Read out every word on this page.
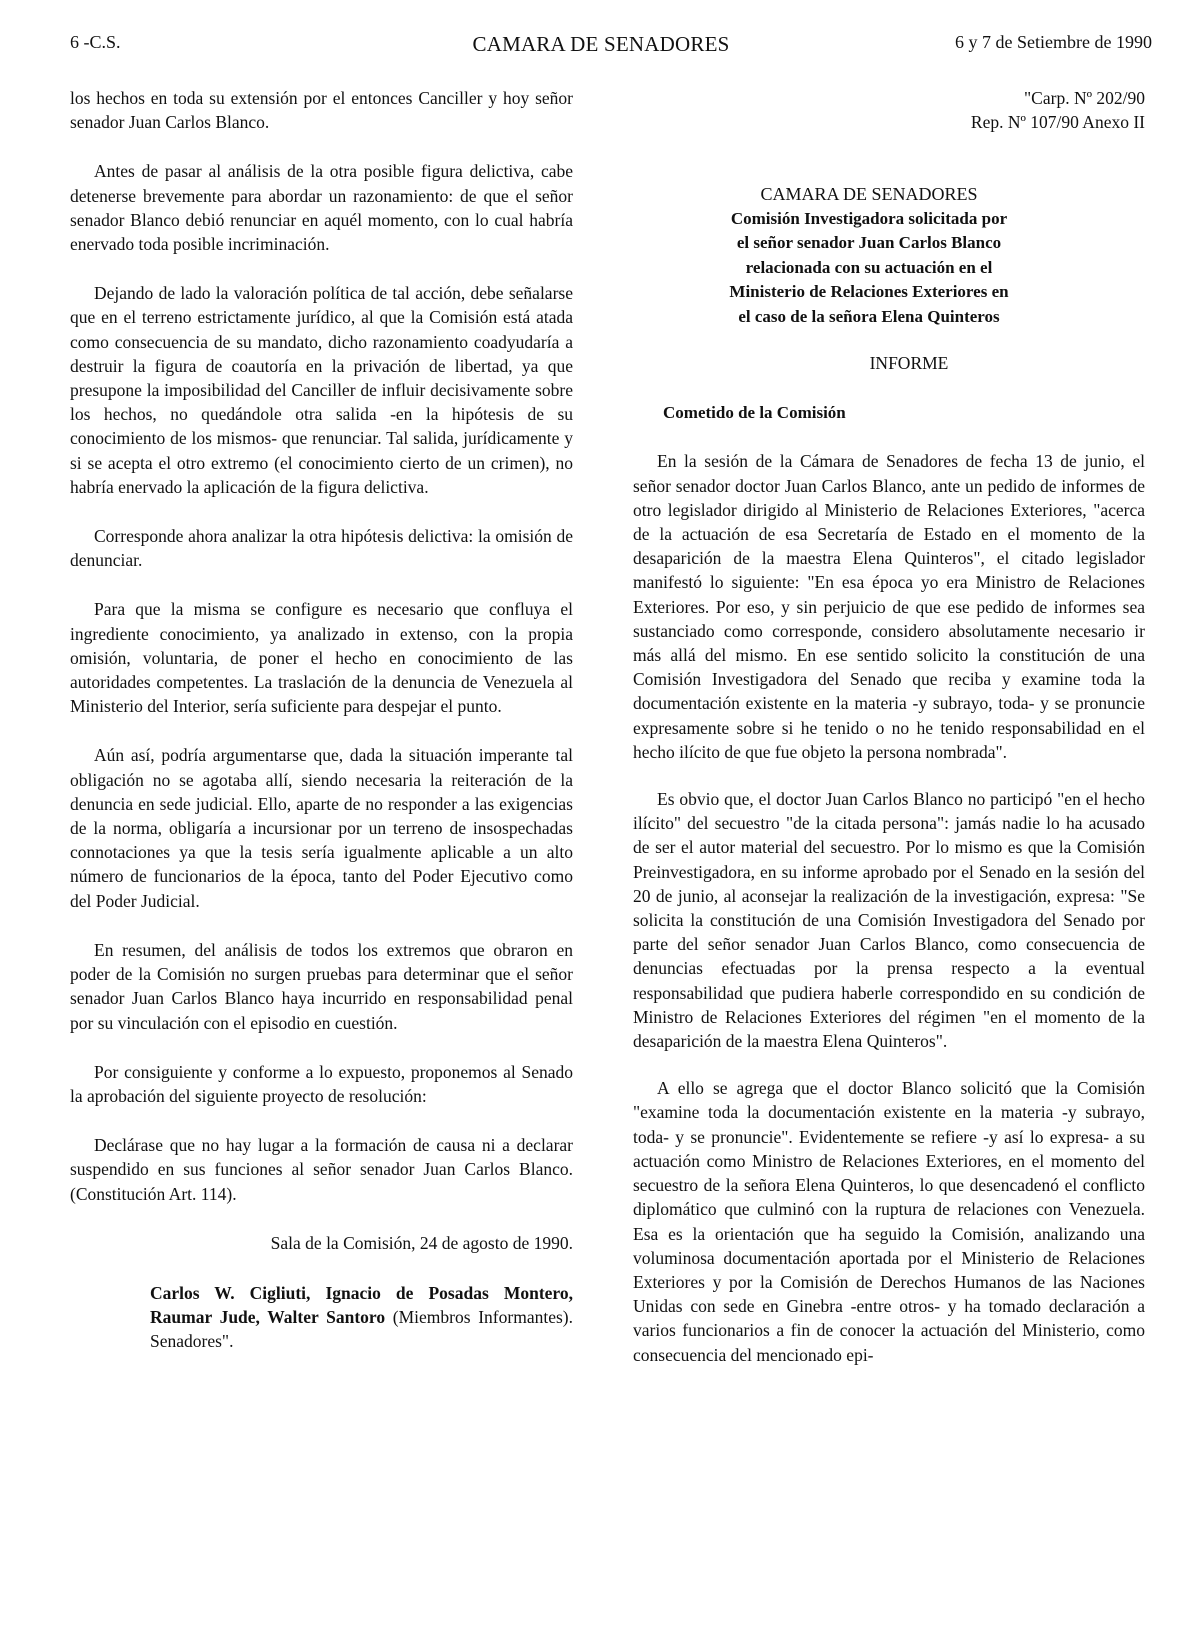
6 -C.S.	CAMARA DE SENADORES	6 y 7 de Setiembre de 1990

los hechos en toda su extensión por el entonces Canciller y hoy señor senador Juan Carlos Blanco.

Antes de pasar al análisis de la otra posible figura delictiva, cabe detenerse brevemente para abordar un razonamiento: de que el señor senador Blanco debió renunciar en aquél momento, con lo cual habría enervado toda posible incriminación.

Dejando de lado la valoración política de tal acción, debe señalarse que en el terreno estrictamente jurídico, al que la Comisión está atada como consecuencia de su mandato, dicho razonamiento coadyudaría a destruir la figura de coautoría en la privación de libertad, ya que presupone la imposibilidad del Canciller de influir decisivamente sobre los hechos, no quedándole otra salida -en la hipótesis de su conocimiento de los mismos- que renunciar. Tal salida, jurídicamente y si se acepta el otro extremo (el conocimiento cierto de un crimen), no habría enervado la aplicación de la figura delictiva.

Corresponde ahora analizar la otra hipótesis delictiva: la omisión de denunciar.

Para que la misma se configure es necesario que confluya el ingrediente conocimiento, ya analizado in extenso, con la propia omisión, voluntaria, de poner el hecho en conocimiento de las autoridades competentes. La traslación de la denuncia de Venezuela al Ministerio del Interior, sería suficiente para despejar el punto.

Aún así, podría argumentarse que, dada la situación imperante tal obligación no se agotaba allí, siendo necesaria la reiteración de la denuncia en sede judicial. Ello, aparte de no responder a las exigencias de la norma, obligaría a incursionar por un terreno de insospechadas connotaciones ya que la tesis sería igualmente aplicable a un alto número de funcionarios de la época, tanto del Poder Ejecutivo como del Poder Judicial.

En resumen, del análisis de todos los extremos que obraron en poder de la Comisión no surgen pruebas para determinar que el señor senador Juan Carlos Blanco haya incurrido en responsabilidad penal por su vinculación con el episodio en cuestión.

Por consiguiente y conforme a lo expuesto, proponemos al Senado la aprobación del siguiente proyecto de resolución:

Declárase que no hay lugar a la formación de causa ni a declarar suspendido en sus funciones al señor senador Juan Carlos Blanco. (Constitución Art. 114).

Sala de la Comisión, 24 de agosto de 1990.

Carlos W. Cigliuti, Ignacio de Posadas Montero, Raumar Jude, Walter Santoro (Miembros Informantes). Senadores".

"Carp. Nº 202/90
Rep. Nº 107/90 Anexo II
CAMARA DE SENADORES
Comisión Investigadora solicitada por
el señor senador Juan Carlos Blanco
relacionada con su actuación en el
Ministerio de Relaciones Exteriores en
el caso de la señora Elena Quinteros
INFORME
Cometido de la Comisión

En la sesión de la Cámara de Senadores de fecha 13 de junio, el señor senador doctor Juan Carlos Blanco, ante un pedido de informes de otro legislador dirigido al Ministerio de Relaciones Exteriores, "acerca de la actuación de esa Secretaría de Estado en el momento de la desaparición de la maestra Elena Quinteros", el citado legislador manifestó lo siguiente: "En esa época yo era Ministro de Relaciones Exteriores. Por eso, y sin perjuicio de que ese pedido de informes sea sustanciado como corresponde, considero absolutamente necesario ir más allá del mismo. En ese sentido solicito la constitución de una Comisión Investigadora del Senado que reciba y examine toda la documentación existente en la materia -y subrayo, toda- y se pronuncie expresamente sobre si he tenido o no he tenido responsabilidad en el hecho ilícito de que fue objeto la persona nombrada".

Es obvio que, el doctor Juan Carlos Blanco no participó "en el hecho ilícito" del secuestro "de la citada persona": jamás nadie lo ha acusado de ser el autor material del secuestro. Por lo mismo es que la Comisión Preinvestigadora, en su informe aprobado por el Senado en la sesión del 20 de junio, al aconsejar la realización de la investigación, expresa: "Se solicita la constitución de una Comisión Investigadora del Senado por parte del señor senador Juan Carlos Blanco, como consecuencia de denuncias efectuadas por la prensa respecto a la eventual responsabilidad que pudiera haberle correspondido en su condición de Ministro de Relaciones Exteriores del régimen "en el momento de la desaparición de la maestra Elena Quinteros".

A ello se agrega que el doctor Blanco solicitó que la Comisión "examine toda la documentación existente en la materia -y subrayo, toda- y se pronuncie". Evidentemente se refiere -y así lo expresa- a su actuación como Ministro de Relaciones Exteriores, en el momento del secuestro de la señora Elena Quinteros, lo que desencadenó el conflicto diplomático que culminó con la ruptura de relaciones con Venezuela. Esa es la orientación que ha seguido la Comisión, analizando una voluminosa documentación aportada por el Ministerio de Relaciones Exteriores y por la Comisión de Derechos Humanos de las Naciones Unidas con sede en Ginebra -entre otros- y ha tomado declaración a varios funcionarios a fin de conocer la actuación del Ministerio, como consecuencia del mencionado epi-
